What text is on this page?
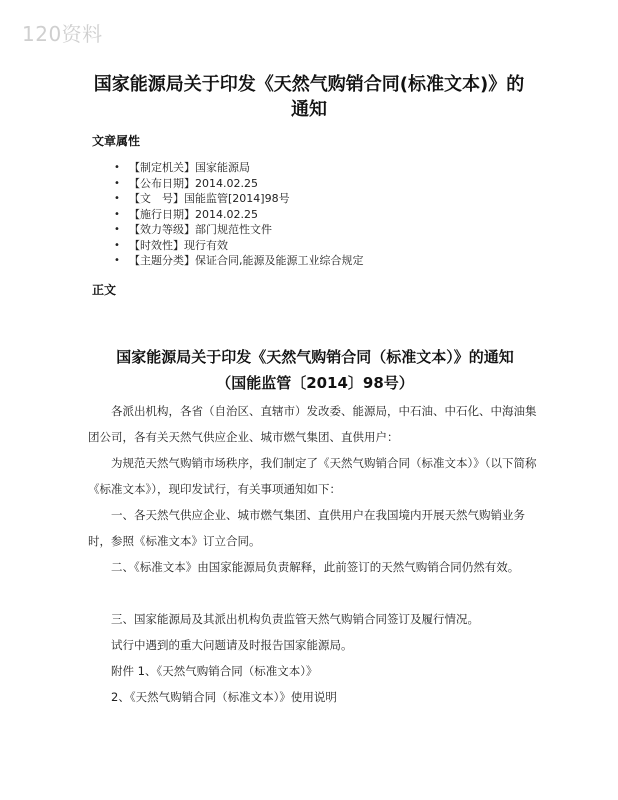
120资料
国家能源局关于印发《天然气购销合同(标准文本)》的
通知
文章属性
• 【制定机关】国家能源局
• 【公布日期】2014.02.25
• 【文　号】国能监管[2014]98号
• 【施行日期】2014.02.25
• 【效力等级】部门规范性文件
• 【时效性】现行有效
• 【主题分类】保证合同,能源及能源工业综合规定
正文
国家能源局关于印发《天然气购销合同（标准文本）》的通知
（国能监管〔2014〕98号）

各派出机构，各省（自治区、直辖市）发改委、能源局，中石油、中石化、中海油集团公司，各有关天然气供应企业、城市燃气集团、直供用户：

为规范天然气购销市场秩序，我们制定了《天然气购销合同（标准文本）》（以下简称《标准文本》），现印发试行，有关事项通知如下：

一、各天然气供应企业、城市燃气集团、直供用户在我国境内开展天然气购销业务时，参照《标准文本》订立合同。

二、《标准文本》由国家能源局负责解释，此前签订的天然气购销合同仍然有效。

三、国家能源局及其派出机构负责监管天然气购销合同签订及履行情况。

试行中遇到的重大问题请及时报告国家能源局。

附件 1、《天然气购销合同（标准文本）》

2、《天然气购销合同（标准文本）》使用说明
